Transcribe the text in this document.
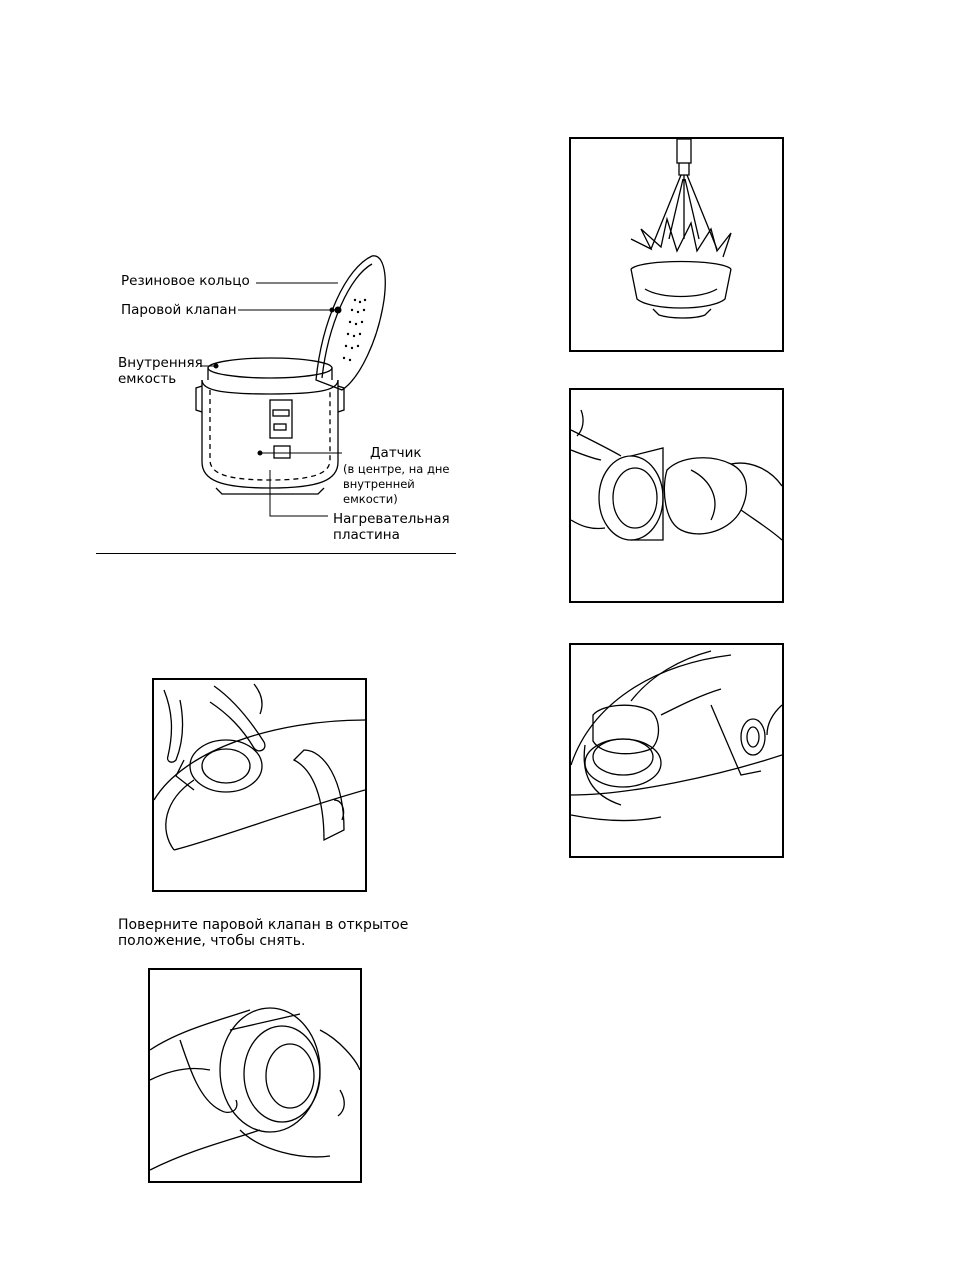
Резиновое кольцо
Паровой клапан
Внутренняя
емкость
Датчик
(в центре, на дне
внутренней
емкости)
Нагревательная
пластина
Поверните паровой клапан в открытое
положение, чтобы снять.
